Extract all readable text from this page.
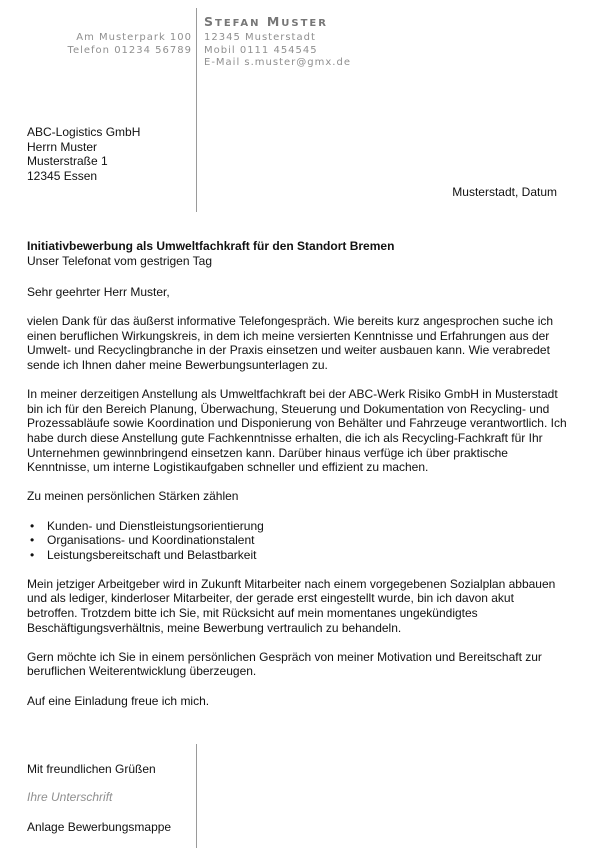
Am Musterpark 100
Telefon 01234 56789
STEFAN MUSTER
12345 Musterstadt
Mobil 0111 454545
E-Mail s.muster@gmx.de
ABC-Logistics GmbH
Herrn Muster
Musterstraße 1
12345 Essen
Musterstadt, Datum
Initiativbewerbung als Umweltfachkraft für den Standort Bremen
Unser Telefonat vom gestrigen Tag

Sehr geehrter Herr Muster,

vielen Dank für das äußerst informative Telefongespräch. Wie bereits kurz angesprochen suche ich einen beruflichen Wirkungskreis, in dem ich meine versierten Kenntnisse und Erfahrungen aus der Umwelt- und Recyclingbranche in der Praxis einsetzen und weiter ausbauen kann. Wie verabredet sende ich Ihnen daher meine Bewerbungsunterlagen zu.

In meiner derzeitigen Anstellung als Umweltfachkraft bei der ABC-Werk Risiko GmbH in Musterstadt bin ich für den Bereich Planung, Überwachung, Steuerung und Dokumentation von Recycling- und Prozessabläufe sowie Koordination und Disponierung von Behälter und Fahrzeuge verantwortlich. Ich habe durch diese Anstellung gute Fachkenntnisse erhalten, die ich als Recycling-Fachkraft für Ihr Unternehmen gewinnbringend einsetzen kann. Darüber hinaus verfüge ich über praktische Kenntnisse, um interne Logistikaufgaben schneller und effizient zu machen.

Zu meinen persönlichen Stärken zählen

• Kunden- und Dienstleistungsorientierung
• Organisations- und Koordinationstalent
• Leistungsbereitschaft und Belastbarkeit

Mein jetziger Arbeitgeber wird in Zukunft Mitarbeiter nach einem vorgegebenen Sozialplan abbauen und als lediger, kinderloser Mitarbeiter, der gerade erst eingestellt wurde, bin ich davon akut betroffen. Trotzdem bitte ich Sie, mit Rücksicht auf mein momentanes ungekündigtes Beschäftigungsverhältnis, meine Bewerbung vertraulich zu behandeln.

Gern möchte ich Sie in einem persönlichen Gespräch von meiner Motivation und Bereitschaft zur beruflichen Weiterentwicklung überzeugen.

Auf eine Einladung freue ich mich.

Mit freundlichen Grüßen
Ihre Unterschrift
Anlage Bewerbungsmappe
